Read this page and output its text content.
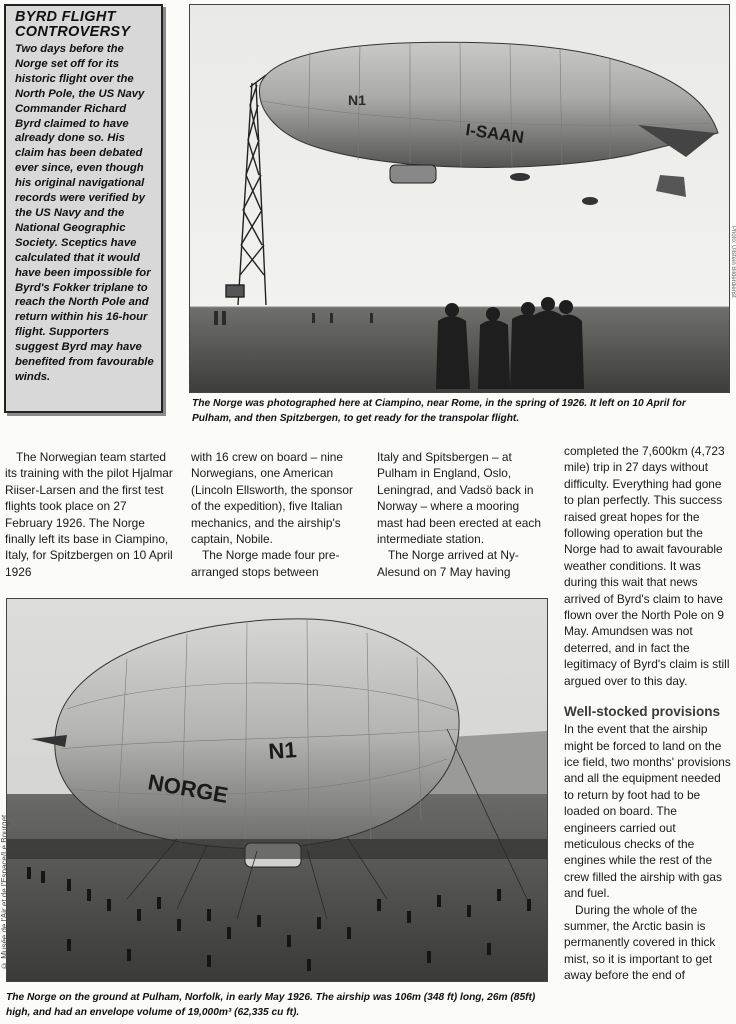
BYRD FLIGHT CONTROVERSY

Two days before the Norge set off for its historic flight over the North Pole, the US Navy Commander Richard Byrd claimed to have already done so. His claim has been debated ever since, even though his original navigational records were verified by the US Navy and the National Geographic Society. Sceptics have calculated that it would have been impossible for Byrd's Fokker triplane to reach the North Pole and return within his 16-hour flight. Supporters suggest Byrd may have benefited from favourable winds.

I-SAAN
N1

The Norge was photographed here at Ciampino, near Rome, in the spring of 1926. It left on 10 April for Pulham, and then Spitzbergen, to get ready for the transpolar flight.

Photo: Ullstein Bilderdienst

The Norwegian team started its training with the pilot Hjalmar Riiser-Larsen and the first test flights took place on 27 February 1926. The Norge finally left its base in Ciampino, Italy, for Spitzbergen on 10 April 1926

with 16 crew on board – nine Norwegians, one American (Lincoln Ellsworth, the sponsor of the expedition), five Italian mechanics, and the airship's captain, Nobile.

The Norge made four pre-arranged stops between

Italy and Spitsbergen – at Pulham in England, Oslo, Leningrad, and Vadsö back in Norway – where a mooring mast had been erected at each intermediate station.

The Norge arrived at Ny-Alesund on 7 May having

completed the 7,600km (4,723 mile) trip in 27 days without difficulty. Everything had gone to plan perfectly. This success raised great hopes for the following operation but the Norge had to await favourable weather conditions. It was during this wait that news arrived of Byrd's claim to have flown over the North Pole on 9 May. Amundsen was not deterred, and in fact the legitimacy of Byrd's claim is still argued over to this day.

Well-stocked provisions

In the event that the airship might be forced to land on the ice field, two months' provisions and all the equipment needed to return by foot had to be loaded on board. The engineers carried out meticulous checks of the engines while the rest of the crew filled the airship with gas and fuel.

During the whole of the summer, the Arctic basin is permanently covered in thick mist, so it is important to get away before the end of

NORGE
N1
© Musée de l'Air et de l'Espace/Le Bourget

The Norge on the ground at Pulham, Norfolk, in early May 1926. The airship was 106m (348 ft) long, 26m (85ft) high, and had an envelope volume of 19,000m³ (62,335 cu ft).
